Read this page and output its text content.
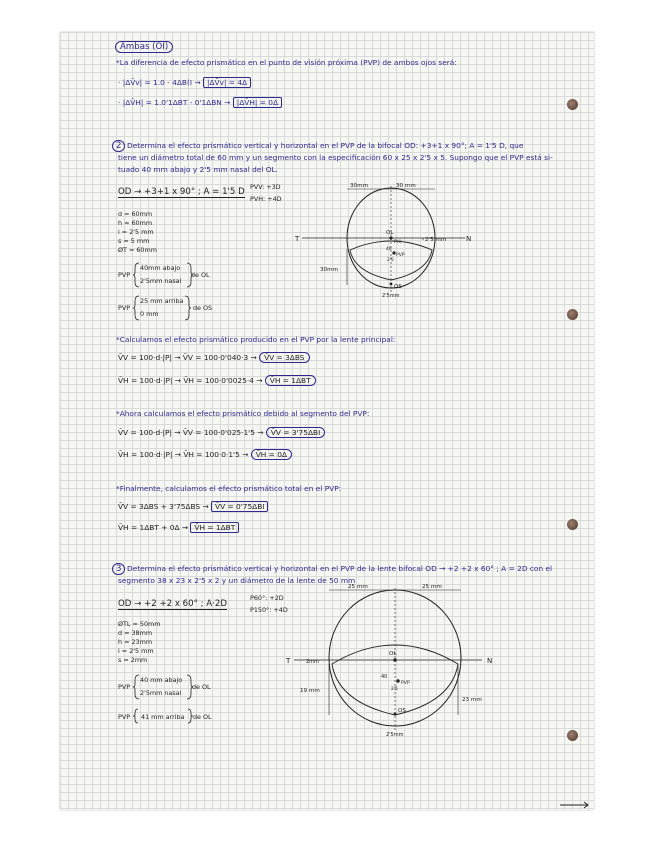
Ambas (OI)
*La diferencia de efecto prismático en el punto de visión próxima (PVP) de ambos ojos será:
· |ΔV̄v| = 1.0 - 4ΔB(I → |ΔV̄v| = 4Δ
· |ΔV̄H| = 1.0'1ΔBT - 0'1ΔBN → |ΔV̄H| = 0Δ
2 Determina el efecto prismático vertical y horizontal en el PVP de la bifocal OD: +3+1 x 90°; A = 1'5 D, que
tiene un diámetro total de 60 mm y un segmento con la especificación 60 x 25 x 2'5 x 5. Supongo que el PVP está si-
tuado 40 mm abajo y 2'5 mm nasal del OL.
OD → +3+1 x 90° ; A = 1'5 D PVV: +3D
PVH: +4D
d = 60mm
h = 60mm
i = 2'5 mm
s = 5 mm
ØT = 60mm
PVP
40mm abajo
2'5mm nasal
de OL
PVP
25 mm arriba
0 mm
de OS
30mm	30 mm
T	N
OL
P(I)
PVP
40
2'5
2'5 mm
30mm
OS
2'5mm
*Calculamos el efecto prismático producido en el PVP por la lente principal:
V̄V = 100·d·|P| → V̄V = 100·0'040·3 → V̄V = 3ΔBS
V̄H = 100·d·|P| → V̄H = 100·0'0025·4 → V̄H = 1ΔBT
*Ahora calculamos el efecto prismático debido al segmento del PVP:
V̄V = 100·d·|P| → V̄V = 100·0'025·1'5 → V̄V = 3'75ΔBI
V̄H = 100·d·|P| → V̄H = 100·0·1'5 → V̄H = 0Δ
*Finalmente, calculamos el efecto prismático total en el PVP:
V̄V = 3ΔBS + 3'75ΔBS → V̄V = 0'75ΔBI
V̄H = 1ΔBT + 0Δ → V̄H = 1ΔBT
3 Determina el efecto prismático vertical y horizontal en el PVP de la lente bifocal OD → +2 +2 x 60° ; A = 2D con el
segmento 38 x 23 x 2'5 x 2 y un diámetro de la lente de 50 mm
OD → +2 +2 x 60° ; A·2D
P60°: +2D
P150°: +4D
ØTL = 50mm
d = 38mm
h = 23mm
i = 2'5 mm
s = 2mm
PVP
40 mm abajo
2'5mm nasal
de OL
PVP 41 mm arriba de OL
25 mm	25 mm
T	N
OL
40
PVP
2'5
2mm
19 mm
23 mm
OS
2'5mm
